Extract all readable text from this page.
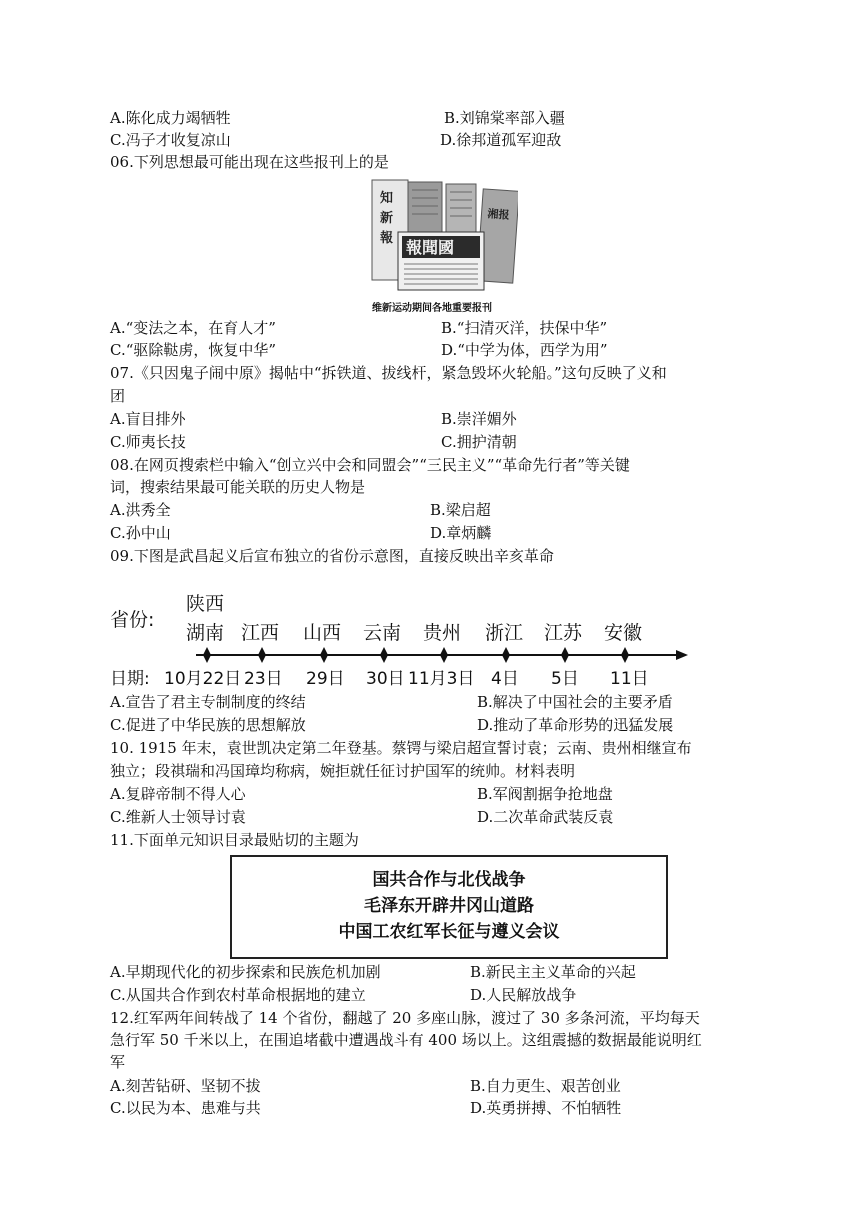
A.陈化成力竭牺牲	B.刘锦棠率部入疆
C.冯子才收复凉山	D.徐邦道孤军迎敌
06.下列思想最可能出现在这些报刊上的是
湘报
知
新
報 報聞國
维新运动期间各地重要报刊
A.“变法之本，在育人才”	B.“扫清灭洋，扶保中华”
C.“驱除鞑虏，恢复中华”	D.“中学为体，西学为用”
07.《只因鬼子闹中原》揭帖中“拆铁道、拔线杆，紧急毁坏火轮船。”这句反映了义和
团
A.盲目排外	B.崇洋媚外
C.师夷长技	C.拥护清朝
08.在网页搜索栏中输入“创立兴中会和同盟会”“三民主义”“革命先行者”等关键
词，搜索结果最可能关联的历史人物是
A.洪秀全	B.梁启超
C.孙中山	D.章炳麟
09.下图是武昌起义后宣布独立的省份示意图，直接反映出辛亥革命
省份:
陕西
湖南 江西 山西 云南 贵州 浙江 江苏 安徽
日期: 10月22日 23日 29日 30日 11月3日 4日 5日 11日
A.宣告了君主专制制度的终结	B.解决了中国社会的主要矛盾
C.促进了中华民族的思想解放	D.推动了革命形势的迅猛发展
10. 1915 年末，袁世凯决定第二年登基。蔡锷与梁启超宣誓讨袁；云南、贵州相继宣布
独立；段祺瑞和冯国璋均称病，婉拒就任征讨护国军的统帅。材料表明
A.复辟帝制不得人心	B.军阀割据争抢地盘
C.维新人士领导讨袁	D.二次革命武装反袁
11.下面单元知识目录最贴切的主题为
国共合作与北伐战争
毛泽东开辟井冈山道路
中国工农红军长征与遵义会议
A.早期现代化的初步探索和民族危机加剧	B.新民主主义革命的兴起
C.从国共合作到农村革命根据地的建立	D.人民解放战争
12.红军两年间转战了 14 个省份，翻越了 20 多座山脉，渡过了 30 多条河流，平均每天
急行军 50 千米以上，在围追堵截中遭遇战斗有 400 场以上。这组震撼的数据最能说明红
军
A.刻苦钻研、坚韧不拔	B.自力更生、艰苦创业
C.以民为本、患难与共	D.英勇拼搏、不怕牺牲
